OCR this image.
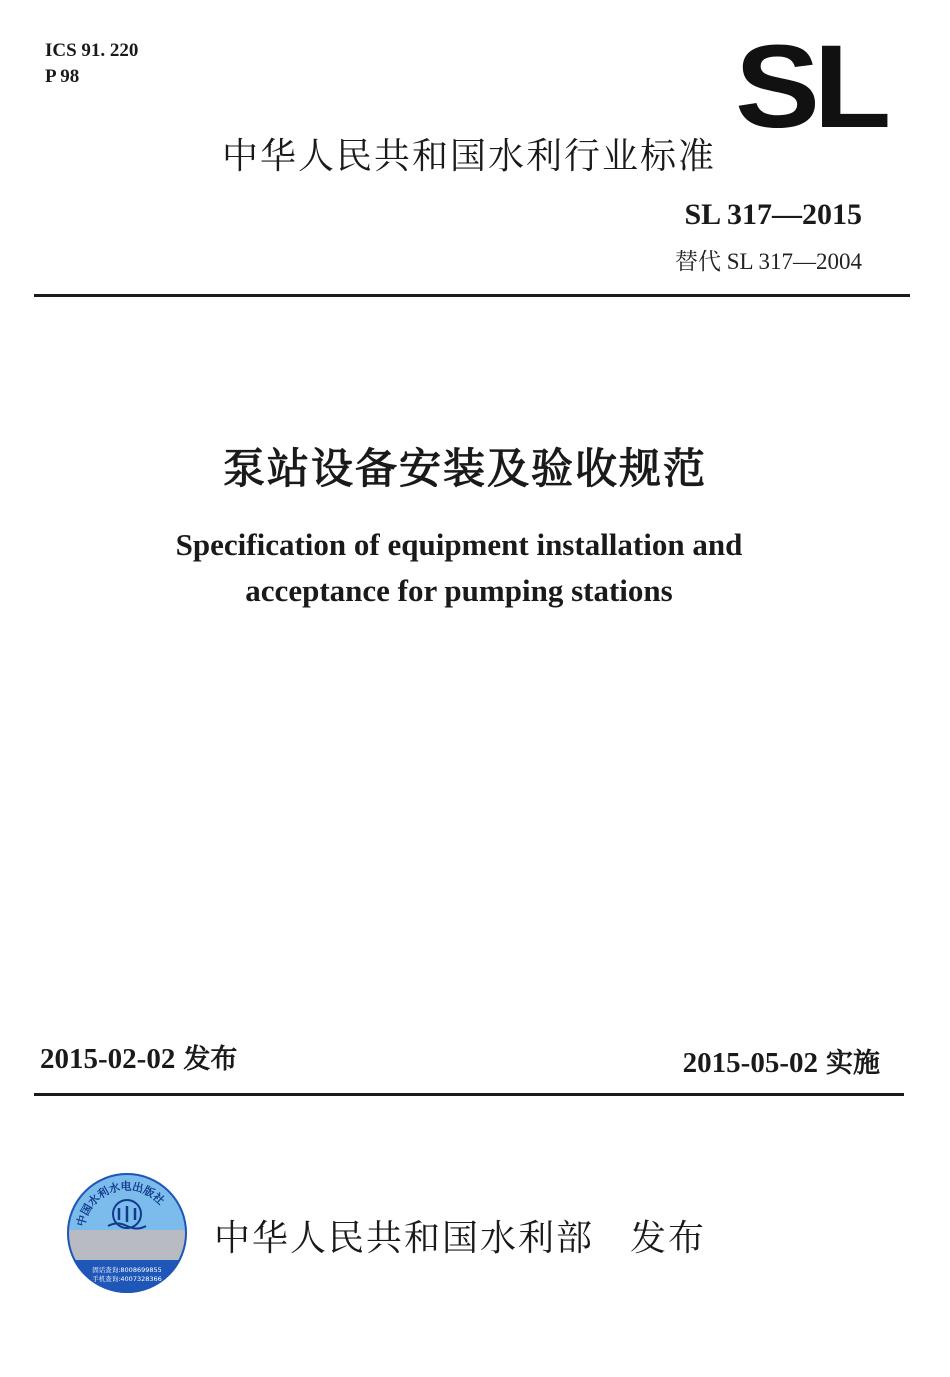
ICS 91. 220
P 98	SL
中华人民共和国水利行业标准
SL 317—2015
替代 SL 317—2004
泵站设备安装及验收规范
Specification of equipment installation and
acceptance for pumping stations
2015-02-02 发布	2015-05-02 实施
中国水利水电出版社
固话查询:8008699855
手机查询:4007328366
中华人民共和国水利部 发布
